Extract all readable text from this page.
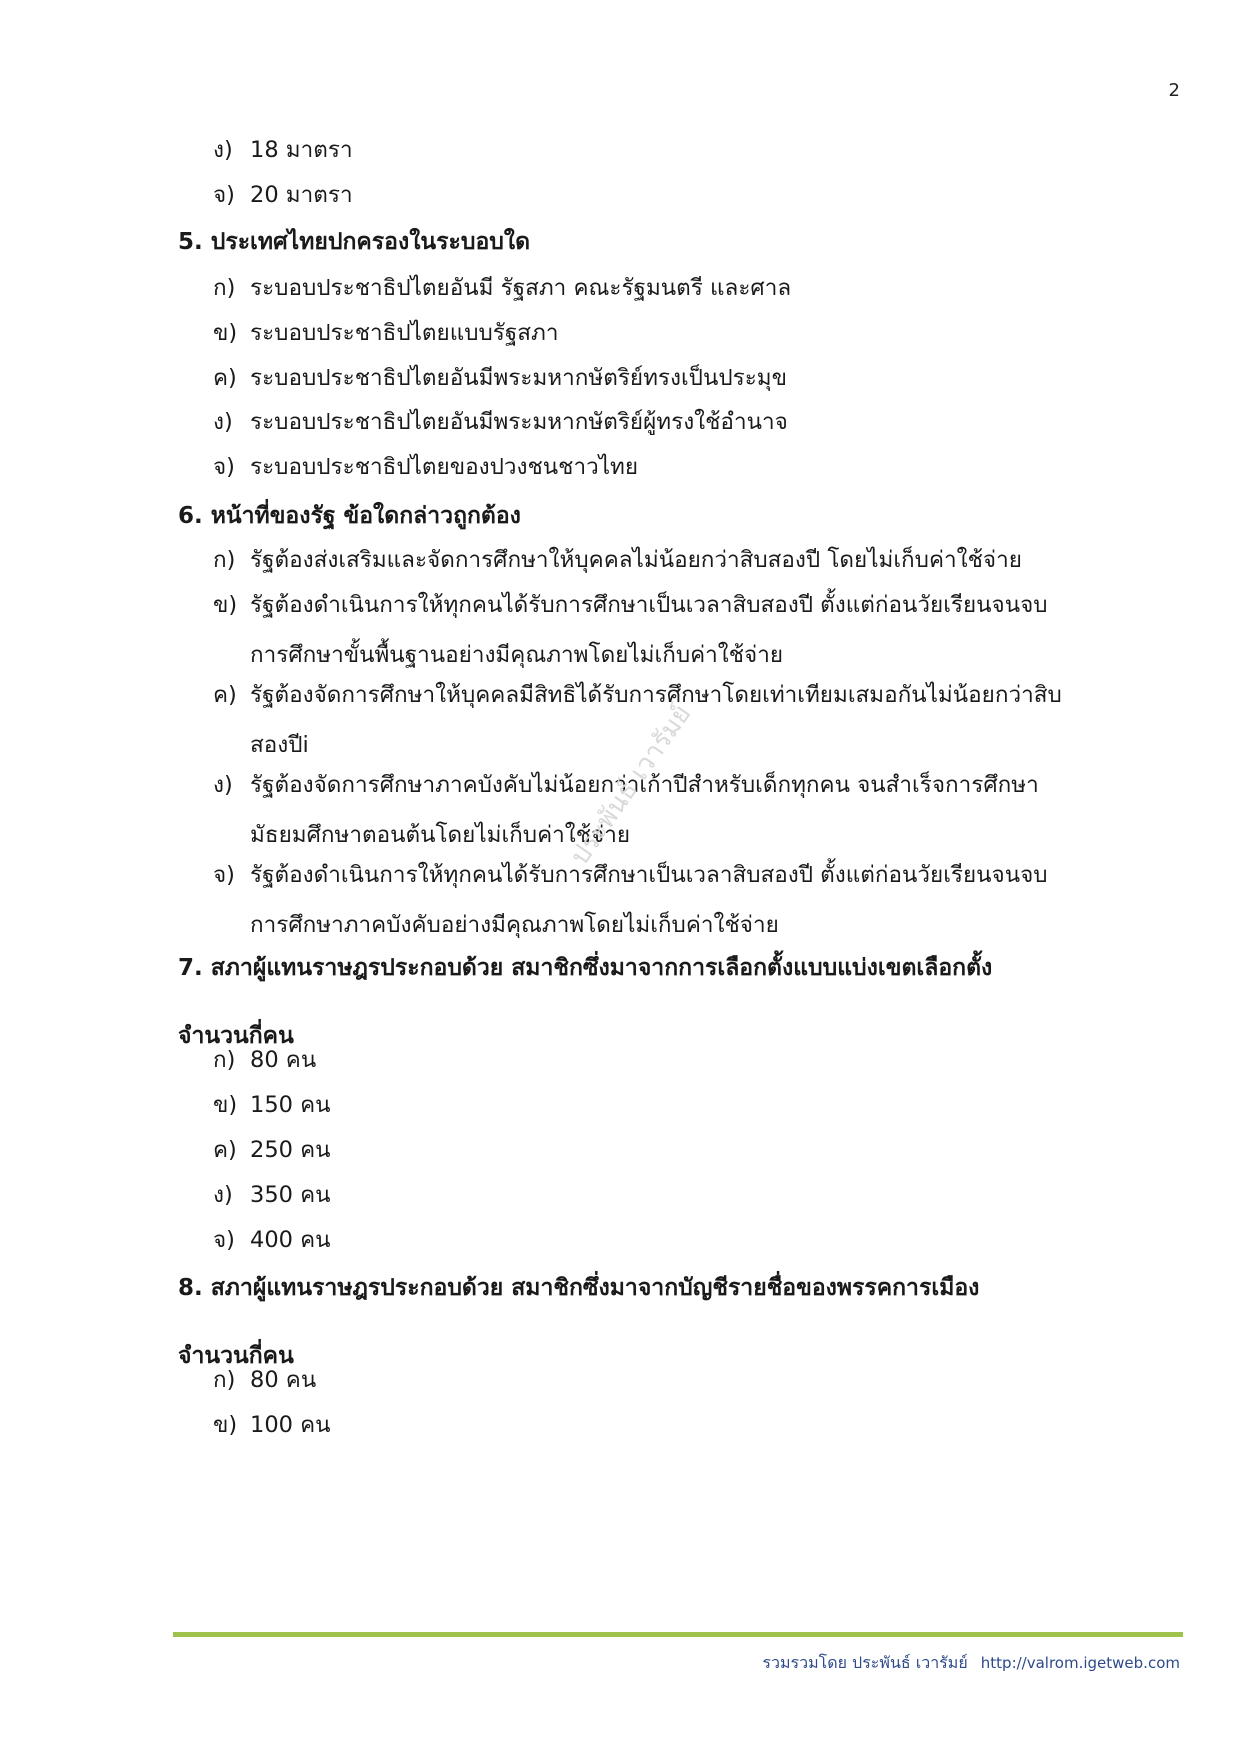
2
ง) 18 มาตรา
จ) 20 มาตรา
5. ประเทศไทยปกครองในระบอบใด
ก) ระบอบประชาธิปไตยอันมี รัฐสภา คณะรัฐมนตรี และศาล
ข) ระบอบประชาธิปไตยแบบรัฐสภา
ค) ระบอบประชาธิปไตยอันมีพระมหากษัตริย์ทรงเป็นประมุข
ง) ระบอบประชาธิปไตยอันมีพระมหากษัตริย์ผู้ทรงใช้อำนาจ
จ) ระบอบประชาธิปไตยของปวงชนชาวไทย
6. หน้าที่ของรัฐ ข้อใดกล่าวถูกต้อง
ก) รัฐต้องส่งเสริมและจัดการศึกษาให้บุคคลไม่น้อยกว่าสิบสองปี โดยไม่เก็บค่าใช้จ่าย
ข) รัฐต้องดำเนินการให้ทุกคนได้รับการศึกษาเป็นเวลาสิบสองปี ตั้งแต่ก่อนวัยเรียนจนจบ
การศึกษาขั้นพื้นฐานอย่างมีคุณภาพโดยไม่เก็บค่าใช้จ่าย
ค) รัฐต้องจัดการศึกษาให้บุคคลมีสิทธิได้รับการศึกษาโดยเท่าเทียมเสมอกันไม่น้อยกว่าสิบ
สองปีi
ง) รัฐต้องจัดการศึกษาภาคบังคับไม่น้อยกว่าเก้าปีสำหรับเด็กทุกคน จนสำเร็จการศึกษา
มัธยมศึกษาตอนต้นโดยไม่เก็บค่าใช้จ่าย
จ) รัฐต้องดำเนินการให้ทุกคนได้รับการศึกษาเป็นเวลาสิบสองปี ตั้งแต่ก่อนวัยเรียนจนจบ
การศึกษาภาคบังคับอย่างมีคุณภาพโดยไม่เก็บค่าใช้จ่าย
7. สภาผู้แทนราษฎรประกอบด้วย สมาชิกซึ่งมาจากการเลือกตั้งแบบแบ่งเขตเลือกตั้ง
จำนวนกี่คน
ก) 80 คน
ข) 150 คน
ค) 250 คน
ง) 350 คน
จ) 400 คน
8. สภาผู้แทนราษฎรประกอบด้วย สมาชิกซึ่งมาจากบัญชีรายชื่อของพรรคการเมือง
จำนวนกี่คน
ก) 80 คน
ข) 100 คน
ประพันธ์ เวารัมย์
รวมรวมโดย ประพันธ์ เวารัมย์ http://valrom.igetweb.com
